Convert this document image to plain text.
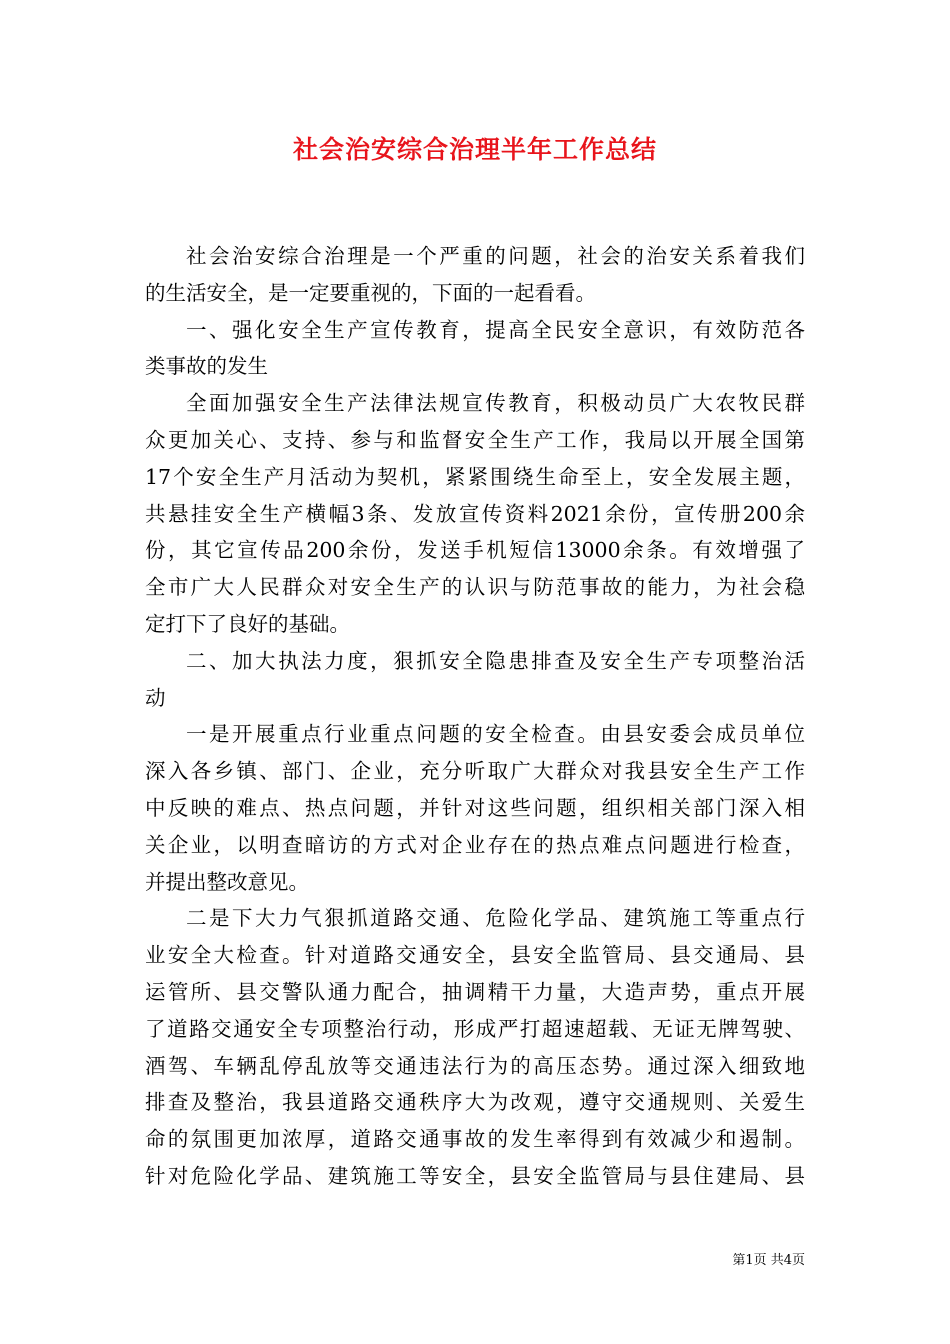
社会治安综合治理半年工作总结
社会治安综合治理是一个严重的问题，社会的治安关系着我们
的生活安全，是一定要重视的，下面的一起看看。
一、强化安全生产宣传教育，提高全民安全意识，有效防范各
类事故的发生
全面加强安全生产法律法规宣传教育，积极动员广大农牧民群
众更加关心、支持、参与和监督安全生产工作，我局以开展全国第
17个安全生产月活动为契机，紧紧围绕生命至上，安全发展主题，
共悬挂安全生产横幅3条、发放宣传资料2021余份，宣传册200余
份，其它宣传品200余份，发送手机短信13000余条。有效增强了
全市广大人民群众对安全生产的认识与防范事故的能力，为社会稳
定打下了良好的基础。
二、加大执法力度，狠抓安全隐患排查及安全生产专项整治活
动
一是开展重点行业重点问题的安全检查。由县安委会成员单位
深入各乡镇、部门、企业，充分听取广大群众对我县安全生产工作
中反映的难点、热点问题，并针对这些问题，组织相关部门深入相
关企业，以明查暗访的方式对企业存在的热点难点问题进行检查，
并提出整改意见。
二是下大力气狠抓道路交通、危险化学品、建筑施工等重点行
业安全大检查。针对道路交通安全，县安全监管局、县交通局、县
运管所、县交警队通力配合，抽调精干力量，大造声势，重点开展
了道路交通安全专项整治行动，形成严打超速超载、无证无牌驾驶、
酒驾、车辆乱停乱放等交通违法行为的高压态势。通过深入细致地
排查及整治，我县道路交通秩序大为改观，遵守交通规则、关爱生
命的氛围更加浓厚，道路交通事故的发生率得到有效减少和遏制。
针对危险化学品、建筑施工等安全，县安全监管局与县住建局、县
第1页 共4页
